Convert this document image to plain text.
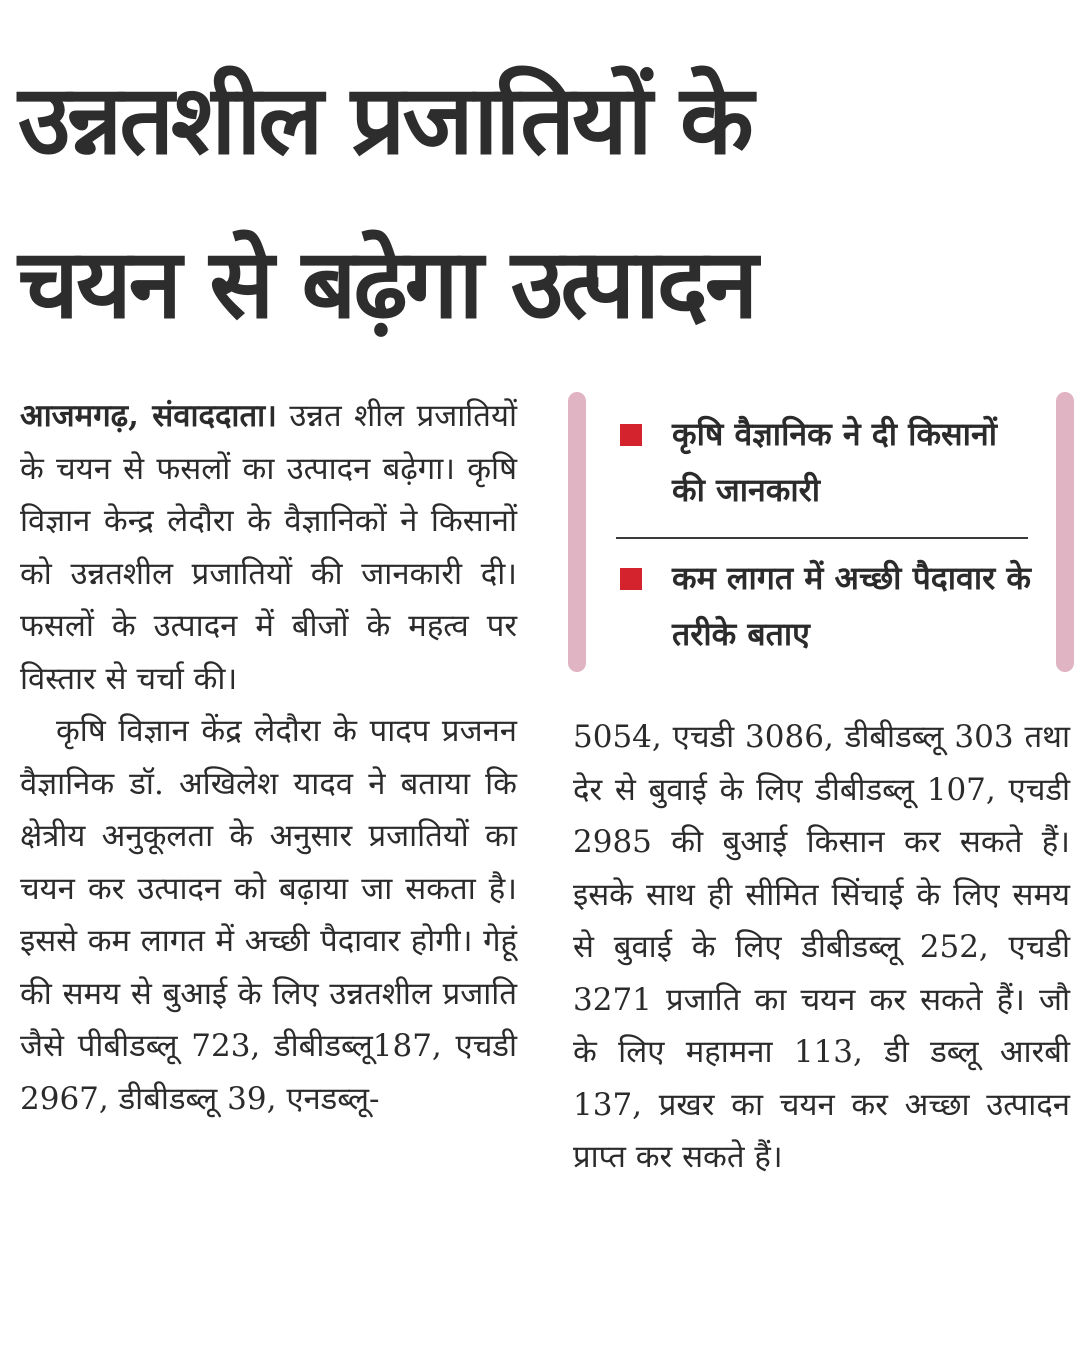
उन्नतशील प्रजातियों के
चयन से बढ़ेगा उत्पादन

आजमगढ़, संवाददाता। उन्नत शील प्रजातियों के चयन से फसलों का उत्पादन बढ़ेगा। कृषि विज्ञान केन्द्र लेदौरा के वैज्ञानिकों ने किसानों को उन्नतशील प्रजातियों की जानकारी दी। फसलों के उत्पादन में बीजों के महत्व पर विस्तार से चर्चा की।

कृषि विज्ञान केंद्र लेदौरा के पादप प्रजनन वैज्ञानिक डॉ. अखिलेश यादव ने बताया कि क्षेत्रीय अनुकूलता के अनुसार प्रजातियों का चयन कर उत्पादन को बढ़ाया जा सकता है। इससे कम लागत में अच्छी पैदावार होगी। गेहूं की समय से बुआई के लिए उन्नतशील प्रजाति जैसे पीबीडब्लू 723, डीबीडब्लू187, एचडी 2967, डीबीडब्लू 39, एनडब्लू-

कृषि वैज्ञानिक ने दी किसानों की जानकारी
कम लागत में अच्छी पैदावार के तरीके बताए

5054, एचडी 3086, डीबीडब्लू 303 तथा देर से बुवाई के लिए डीबीडब्लू 107, एचडी 2985 की बुआई किसान कर सकते हैं। इसके साथ ही सीमित सिंचाई के लिए समय से बुवाई के लिए डीबीडब्लू 252, एचडी 3271 प्रजाति का चयन कर सकते हैं। जौ के लिए महामना 113, डी डब्लू आरबी 137, प्रखर का चयन कर अच्छा उत्पादन प्राप्त कर सकते हैं।
